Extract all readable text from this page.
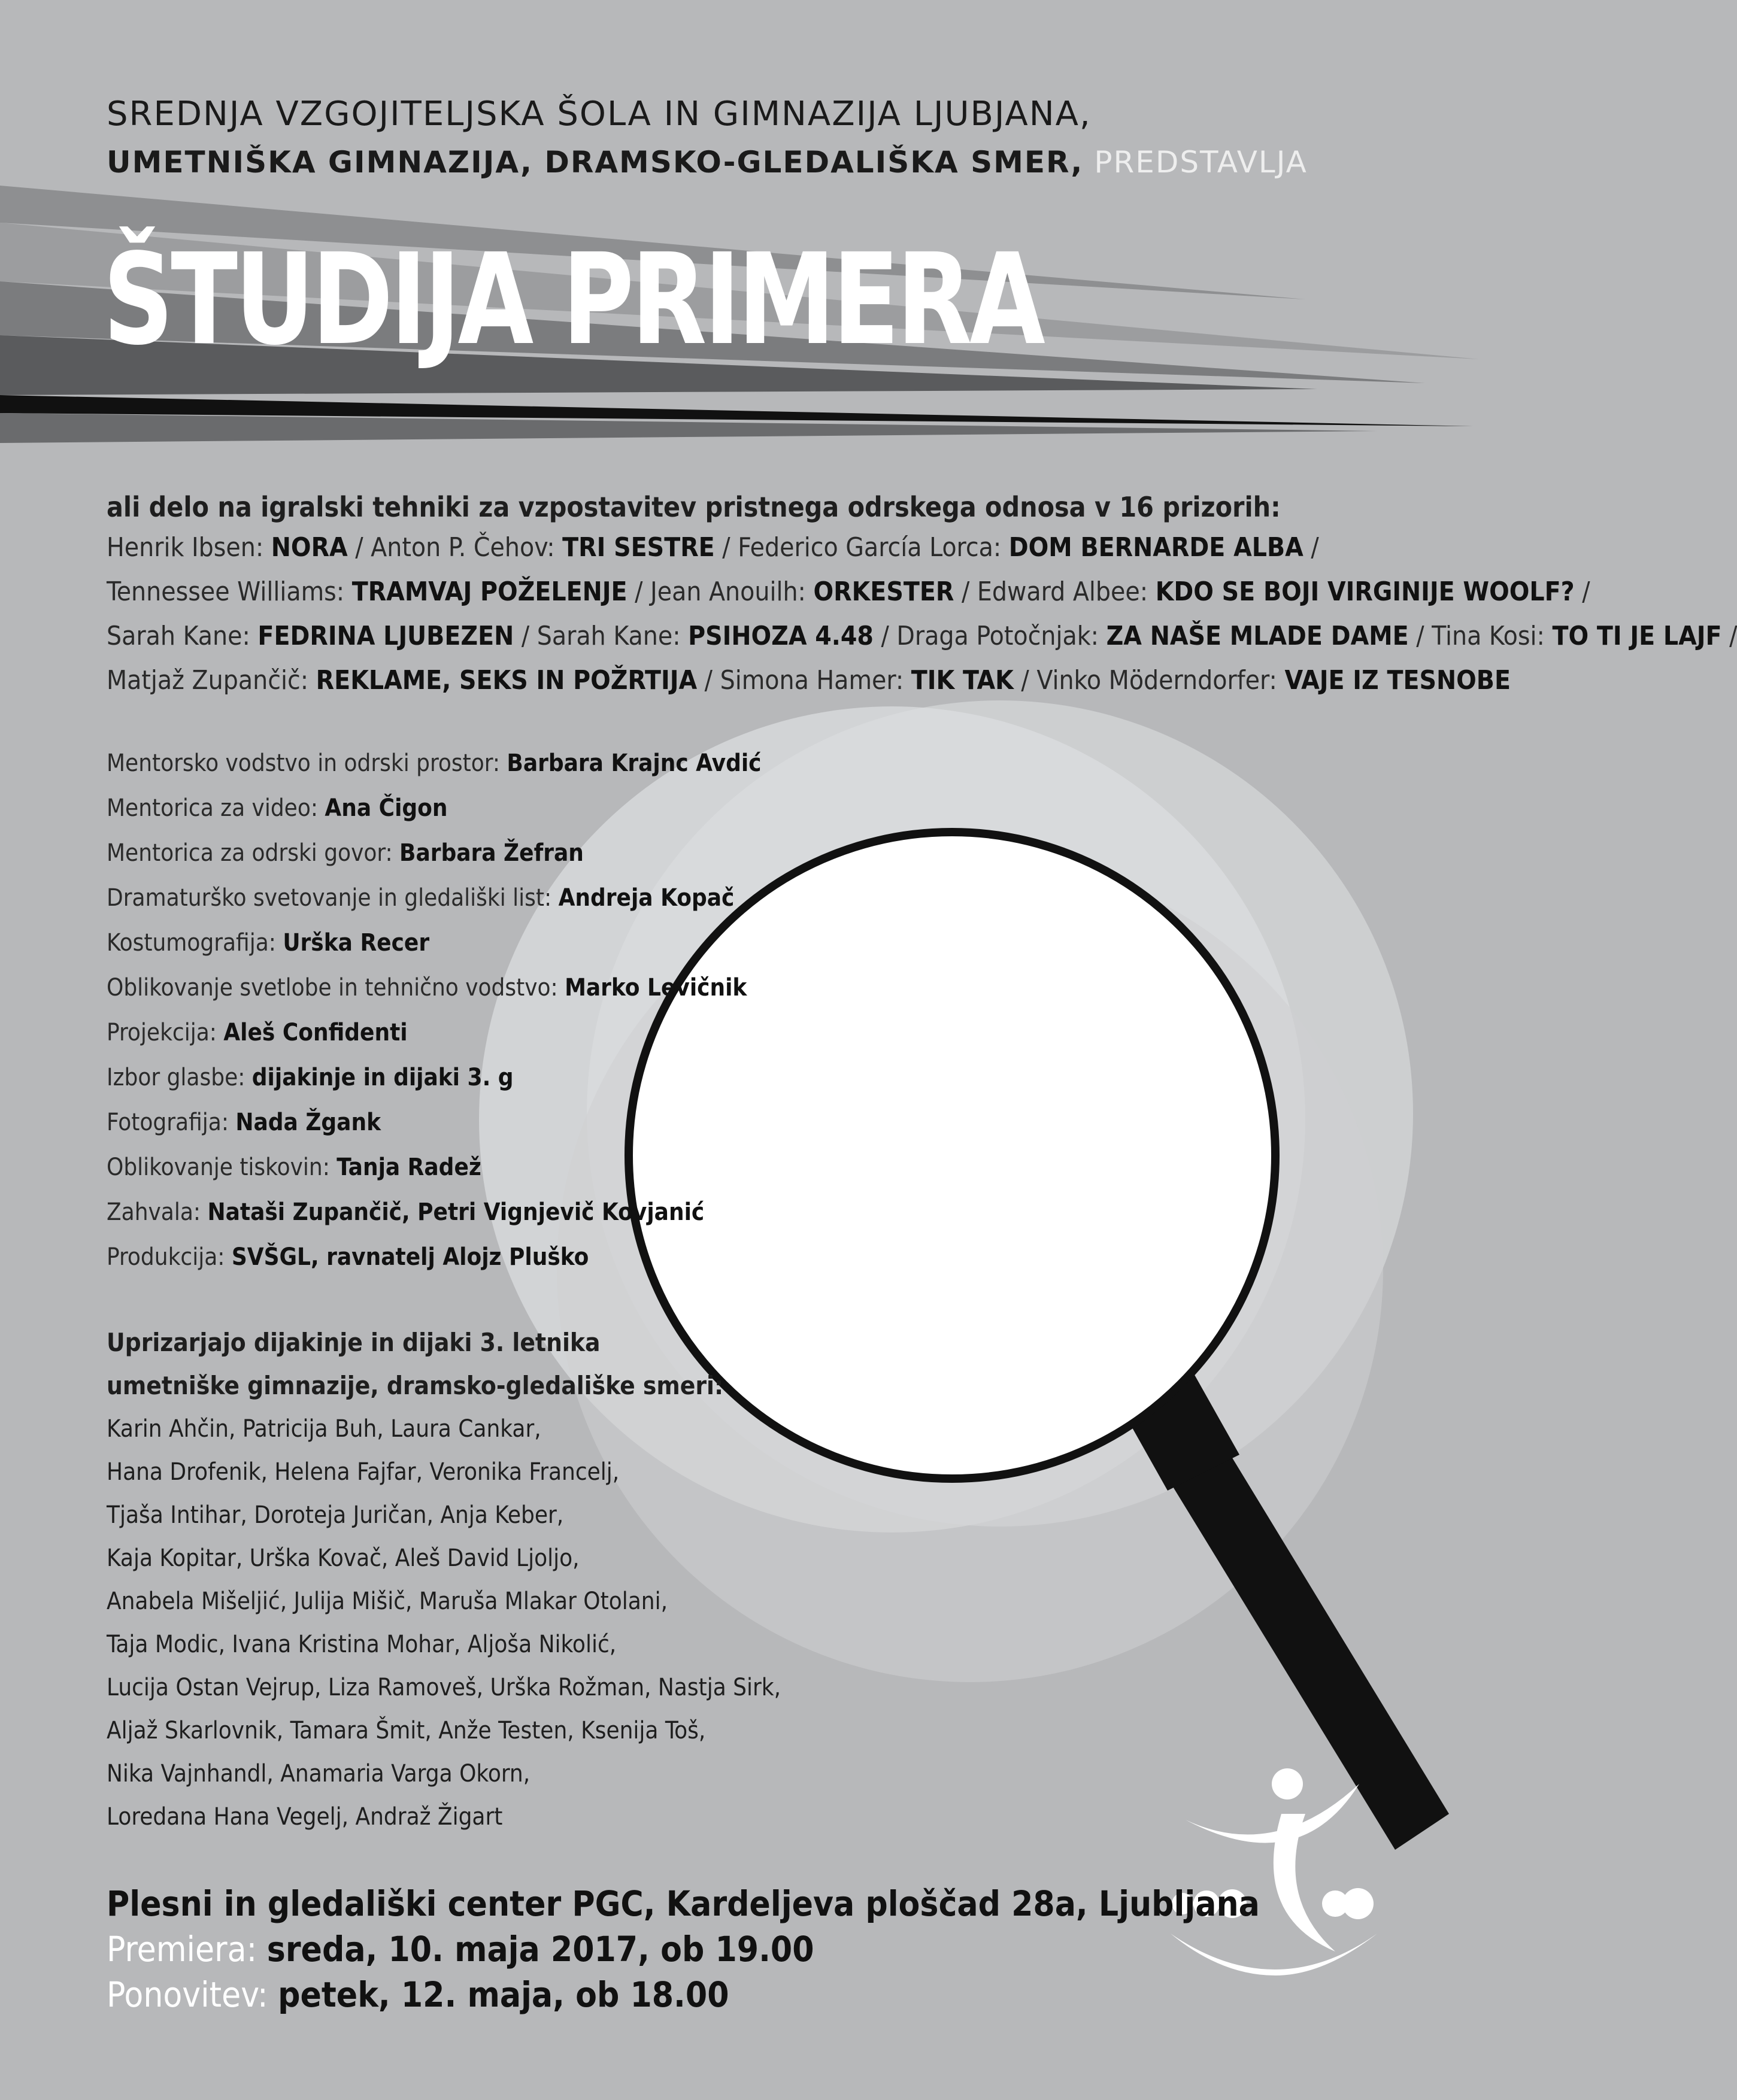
SREDNJA VZGOJITELJSKA ŠOLA IN GIMNAZIJA LJUBJANA,
UMETNIŠKA GIMNAZIJA, DRAMSKO-GLEDALIŠKA SMER, PREDSTAVLJA
ŠTUDIJA PRIMERA
ali delo na igralski tehniki za vzpostavitev pristnega odrskega odnosa v 16 prizorih:
Henrik Ibsen: NORA / Anton P. Čehov: TRI SESTRE / Federico García Lorca: DOM BERNARDE ALBA /
Tennessee Williams: TRAMVAJ POŽELENJE / Jean Anouilh: ORKESTER / Edward Albee: KDO SE BOJI VIRGINIJE WOOLF? /
Sarah Kane: FEDRINA LJUBEZEN / Sarah Kane: PSIHOZA 4.48 / Draga Potočnjak: ZA NAŠE MLADE DAME / Tina Kosi: TO TI JE LAJF /
Matjaž Zupančič: REKLAME, SEKS IN POŽRTIJA / Simona Hamer: TIK TAK / Vinko Möderndorfer: VAJE IZ TESNOBE
Mentorsko vodstvo in odrski prostor: Barbara Krajnc Avdić
Mentorica za video: Ana Čigon
Mentorica za odrski govor: Barbara Žefran
Dramaturško svetovanje in gledališki list: Andreja Kopač
Kostumografija: Urška Recer
Oblikovanje svetlobe in tehnično vodstvo: Marko Levičnik
Projekcija: Aleš Confidenti
Izbor glasbe: dijakinje in dijaki 3. g
Fotografija: Nada Žgank
Oblikovanje tiskovin: Tanja Radež
Zahvala: Nataši Zupančič, Petri Vignjevič Kovjanić
Produkcija: SVŠGL, ravnatelj Alojz Pluško
Uprizarjajo dijakinje in dijaki 3. letnika
umetniške gimnazije, dramsko-gledališke smeri:
Karin Ahčin, Patricija Buh, Laura Cankar,
Hana Drofenik, Helena Fajfar, Veronika Francelj,
Tjaša Intihar, Doroteja Juričan, Anja Keber,
Kaja Kopitar, Urška Kovač, Aleš David Ljoljo,
Anabela Mišeljić, Julija Mišič, Maruša Mlakar Otolani,
Taja Modic, Ivana Kristina Mohar, Aljoša Nikolić,
Lucija Ostan Vejrup, Liza Ramoveš, Urška Rožman, Nastja Sirk,
Aljaž Skarlovnik, Tamara Šmit, Anže Testen, Ksenija Toš,
Nika Vajnhandl, Anamaria Varga Okorn,
Loredana Hana Vegelj, Andraž Žigart
Plesni in gledališki center PGC, Kardeljeva ploščad 28a, Ljubljana
Premiera: sreda, 10. maja 2017, ob 19.00
Ponovitev: petek, 12. maja, ob 18.00
